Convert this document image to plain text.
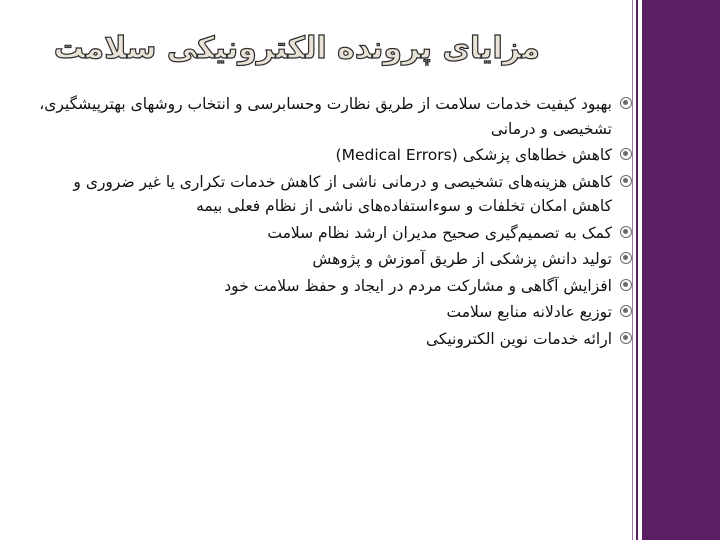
مزایای پرونده الکترونیکی سلامت
بهبود کیفیت خدمات سلامت از طریق نظارت وحسابرسی و انتخاب روشهای بهترپیشگیری، تشخیصی و درمانی
کاهش خطاهای پزشکی (Medical Errors)
کاهش هزینه‌های تشخیصی و درمانی ناشی از کاهش خدمات تکراری یا غیر ضروری و کاهش امکان تخلفات و سوءاستفاده‌های ناشی از نظام فعلی بیمه
کمک به تصمیم‌گیری صحیح مدیران ارشد نظام سلامت
تولید دانش پزشکی از طریق آموزش و پژوهش
افزایش آگاهی و مشارکت مردم در ایجاد و حفظ سلامت خود
توزیع عادلانه منابع سلامت
ارائه خدمات نوین الکترونیکی
